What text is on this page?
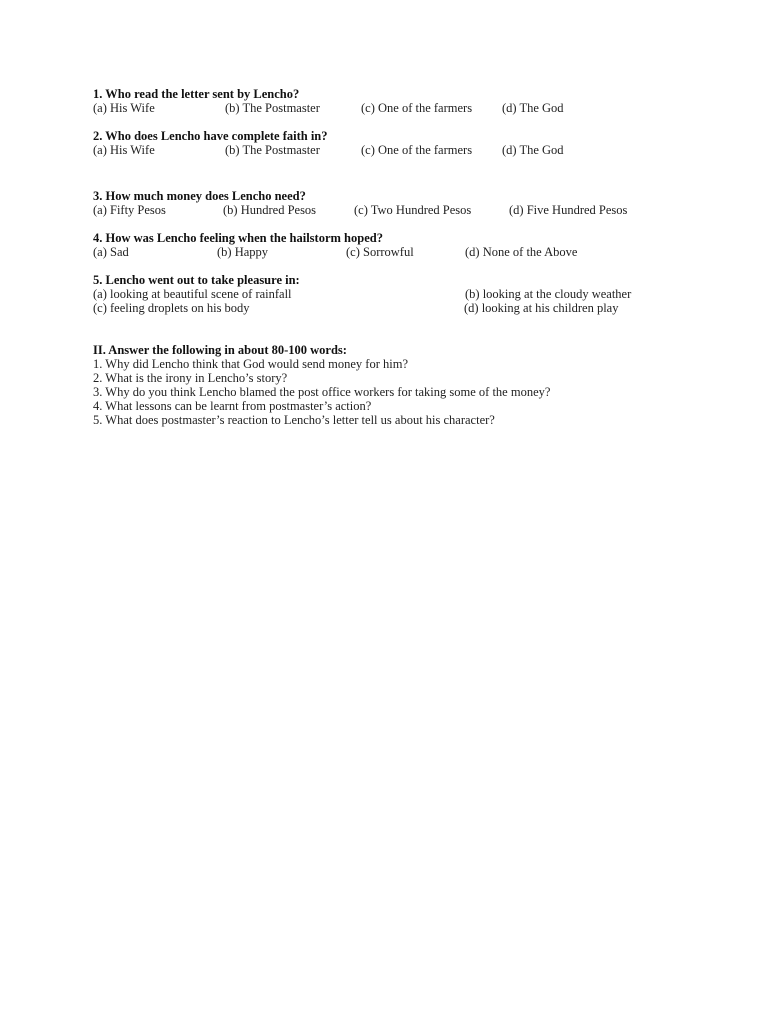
1. Who read the letter sent by Lencho?
(a) His Wife	(b) The Postmaster	(c) One of the farmers (d) The God
2. Who does Lencho have complete faith in?
(a) His Wife	(b) The Postmaster	(c) One of the farmers (d) The God
3. How much money does Lencho need?
(a) Fifty Pesos	(b) Hundred Pesos	(c) Two Hundred Pesos	(d) Five Hundred Pesos
4. How was Lencho feeling when the hailstorm hoped?
(a) Sad	(b) Happy	(c) Sorrowful	(d) None of the Above
5. Lencho went out to take pleasure in:
(a) looking at beautiful scene of rainfall	(b) looking at the cloudy weather
(c) feeling droplets on his body	(d) looking at his children play
II. Answer the following in about 80-100 words:
1. Why did Lencho think that God would send money for him?
2. What is the irony in Lencho’s story?
3. Why do you think Lencho blamed the post office workers for taking some of the money?
4. What lessons can be learnt from postmaster’s action?
5. What does postmaster’s reaction to Lencho’s letter tell us about his character?
